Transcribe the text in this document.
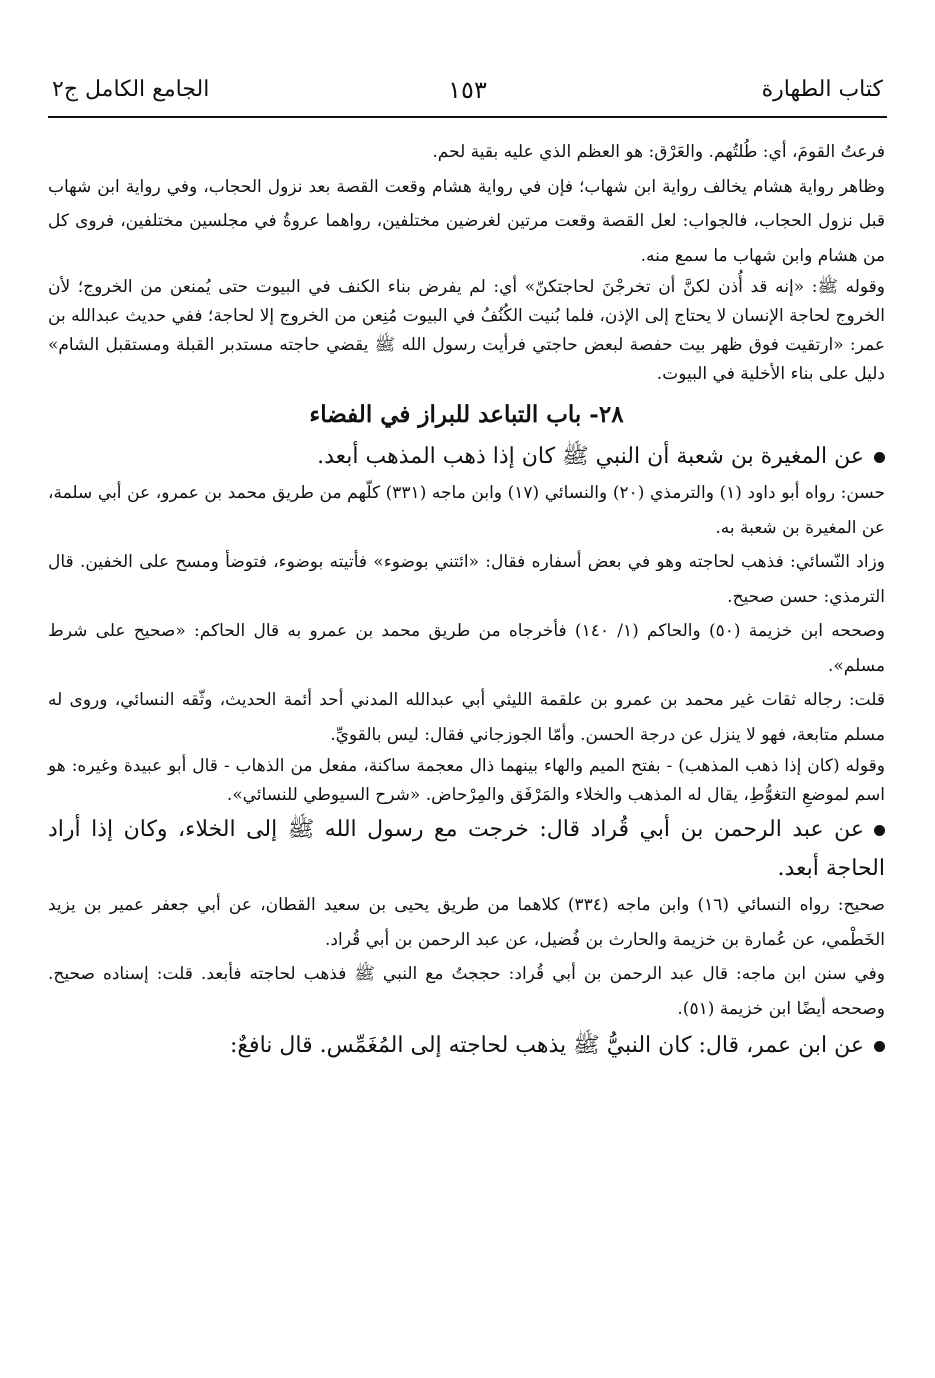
كتاب الطهارة
١٥٣
الجامع الكامل ج٢

فرعتُ القومَ، أي: طُلتُهم. والعَرْق: هو العظم الذي عليه بقية لحم.

وظاهر رواية هشام يخالف رواية ابن شهاب؛ فإن في رواية هشام وقعت القصة بعد نزول الحجاب، وفي رواية ابن شهاب قبل نزول الحجاب، فالجواب: لعل القصة وقعت مرتين لغرضين مختلفين، رواهما عروةُ في مجلسين مختلفين، فروى كل من هشام وابن شهاب ما سمع منه.

وقوله ﷺ: «إنه قد أُذن لكنَّ أن تخرجْنَ لحاجتكنّ» أي: لم يفرض بناء الكنف في البيوت حتى يُمنعن من الخروج؛ لأن الخروج لحاجة الإنسان لا يحتاج إلى الإذن، فلما بُنيت الكُنُفُ في البيوت مُنِعن من الخروج إلا لحاجة؛ ففي حديث عبدالله بن عمر: «ارتقيت فوق ظهر بيت حفصة لبعض حاجتي فرأيت رسول الله ﷺ يقضي حاجته مستدبر القبلة ومستقبل الشام» دليل على بناء الأخلية في البيوت.

٢٨- باب التباعد للبراز في الفضاء

عن المغيرة بن شعبة أن النبي ﷺ كان إذا ذهب المذهب أبعد.

حسن: رواه أبو داود (١) والترمذي (٢٠) والنسائي (١٧) وابن ماجه (٣٣١) كلّهم من طريق محمد بن عمرو، عن أبي سلمة، عن المغيرة بن شعبة به.

وزاد النّسائي: فذهب لحاجته وهو في بعض أسفاره فقال: «ائتني بوضوء» فأتيته بوضوء، فتوضأ ومسح على الخفين. قال الترمذي: حسن صحيح.

وصححه ابن خزيمة (٥٠) والحاكم (١/ ١٤٠) فأخرجاه من طريق محمد بن عمرو به قال الحاكم: «صحيح على شرط مسلم».

قلت: رجاله ثقات غير محمد بن عمرو بن علقمة الليثي أبي عبدالله المدني أحد أئمة الحديث، وثّقه النسائي، وروى له مسلم متابعة، فهو لا ينزل عن درجة الحسن. وأمّا الجوزجاني فقال: ليس بالقويِّ.

وقوله (كان إذا ذهب المذهب) - بفتح الميم والهاء بينهما ذال معجمة ساكنة، مفعل من الذهاب - قال أبو عبيدة وغيره: هو اسم لموضعِ التغوُّطِ، يقال له المذهب والخلاء والمَرْفَق والمِرْحاض. «شرح السيوطي للنسائي».

عن عبد الرحمن بن أبي قُراد قال: خرجت مع رسول الله ﷺ إلى الخلاء، وكان إذا أراد الحاجة أبعد.

صحيح: رواه النسائي (١٦) وابن ماجه (٣٣٤) كلاهما من طريق يحيى بن سعيد القطان، عن أبي جعفر عمير بن يزيد الخَطْمي، عن عُمارة بن خزيمة والحارث بن فُضيل، عن عبد الرحمن بن أبي قُراد.

وفي سنن ابن ماجه: قال عبد الرحمن بن أبي قُراد: حججتُ مع النبي ﷺ فذهب لحاجته فأبعد. قلت: إسناده صحيح. وصححه أيضًا ابن خزيمة (٥١).

عن ابن عمر، قال: كان النبيُّ ﷺ يذهب لحاجته إلى المُغَمِّس. قال نافعٌ:
